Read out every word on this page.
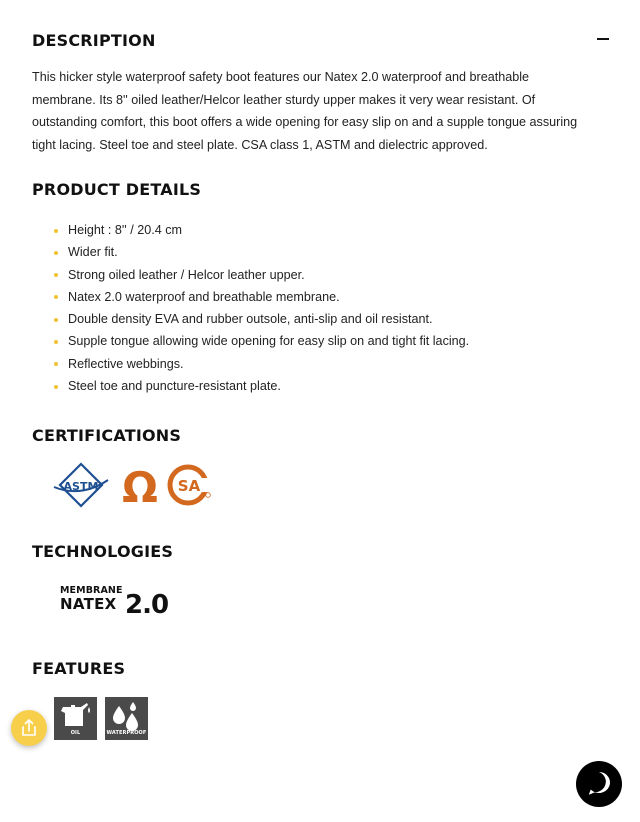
DESCRIPTION

This hicker style waterproof safety boot features our Natex 2.0 waterproof and breathable membrane. Its 8'' oiled leather/Helcor leather sturdy upper makes it very wear resistant. Of outstanding comfort, this boot offers a wide opening for easy slip on and a supple tongue assuring tight lacing. Steel toe and steel plate. CSA class 1, ASTM and dielectric approved.

PRODUCT DETAILS
Height : 8'' / 20.4 cm
Wider fit.
Strong oiled leather / Helcor leather upper.
Natex 2.0 waterproof and breathable membrane.
Double density EVA and rubber outsole, anti-slip and oil resistant.
Supple tongue allowing wide opening for easy slip on and tight fit lacing.
Reflective webbings.
Steel toe and puncture-resistant plate.
CERTIFICATIONS
ASTM Ω SA
TECHNOLOGIES
MEMBRANE
NATEX 2.0
FEATURES
OIL	WATERPROOF
